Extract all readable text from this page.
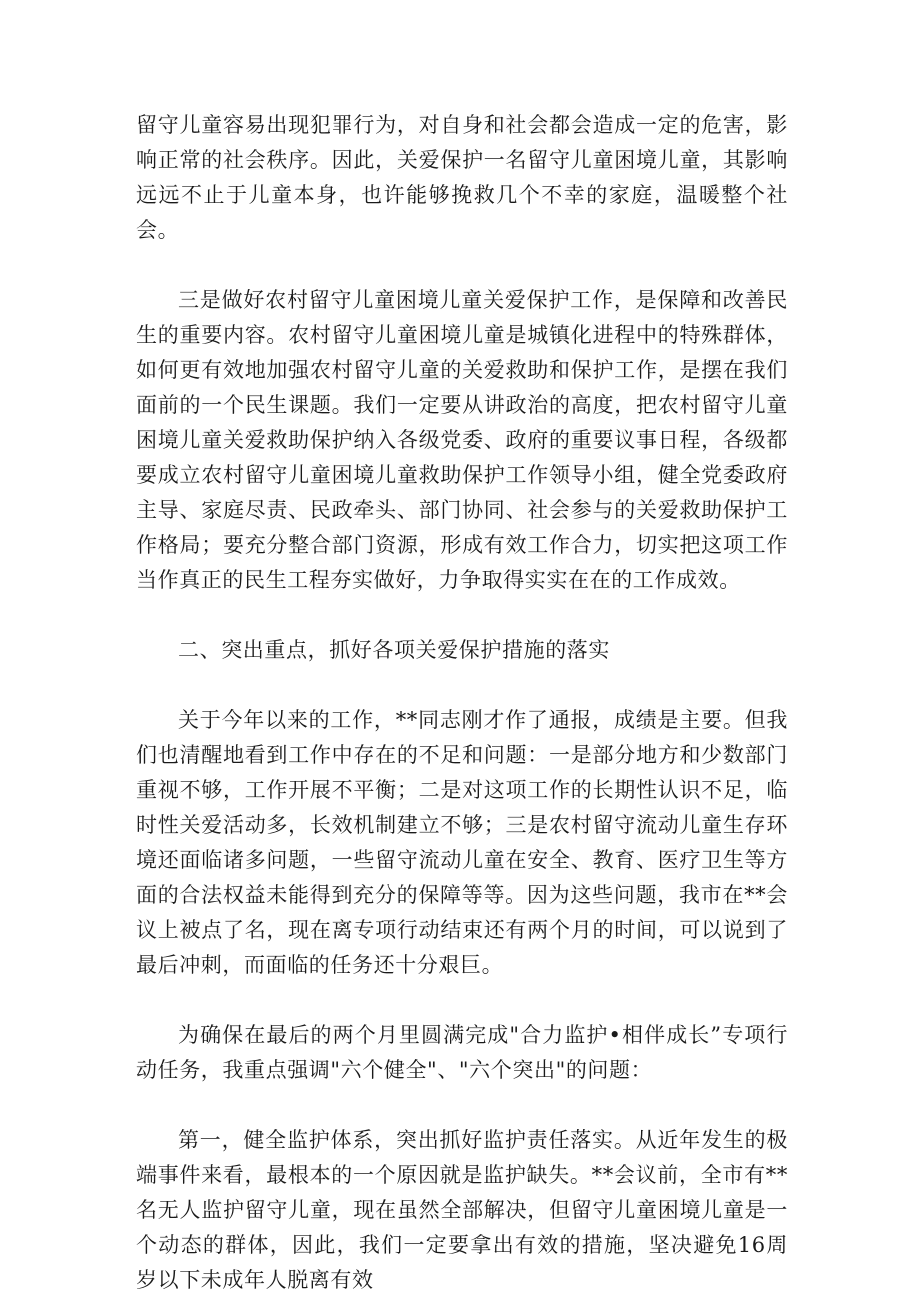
留守儿童容易出现犯罪行为，对自身和社会都会造成一定的危害，影响正常的社会秩序。因此，关爱保护一名留守儿童困境儿童，其影响远远不止于儿童本身，也许能够挽救几个不幸的家庭，温暖整个社会。

三是做好农村留守儿童困境儿童关爱保护工作，是保障和改善民生的重要内容。农村留守儿童困境儿童是城镇化进程中的特殊群体，如何更有效地加强农村留守儿童的关爱救助和保护工作，是摆在我们面前的一个民生课题。我们一定要从讲政治的高度，把农村留守儿童困境儿童关爱救助保护纳入各级党委、政府的重要议事日程，各级都要成立农村留守儿童困境儿童救助保护工作领导小组，健全党委政府主导、家庭尽责、民政牵头、部门协同、社会参与的关爱救助保护工作格局；要充分整合部门资源，形成有效工作合力，切实把这项工作当作真正的民生工程夯实做好，力争取得实实在在的工作成效。

二、突出重点，抓好各项关爱保护措施的落实

关于今年以来的工作，**同志刚才作了通报，成绩是主要。但我们也清醒地看到工作中存在的不足和问题：一是部分地方和少数部门重视不够，工作开展不平衡；二是对这项工作的长期性认识不足，临时性关爱活动多，长效机制建立不够；三是农村留守流动儿童生存环境还面临诸多问题，一些留守流动儿童在安全、教育、医疗卫生等方面的合法权益未能得到充分的保障等等。因为这些问题，我市在**会议上被点了名，现在离专项行动结束还有两个月的时间，可以说到了最后冲刺，而面临的任务还十分艰巨。

为确保在最后的两个月里圆满完成"合力监护•相伴成长”专项行动任务，我重点强调"六个健全"、"六个突出"的问题：

第一，健全监护体系，突出抓好监护责任落实。从近年发生的极端事件来看，最根本的一个原因就是监护缺失。**会议前，全市有**名无人监护留守儿童，现在虽然全部解决，但留守儿童困境儿童是一个动态的群体，因此，我们一定要拿出有效的措施，坚决避免16周岁以下未成年人脱离有效
